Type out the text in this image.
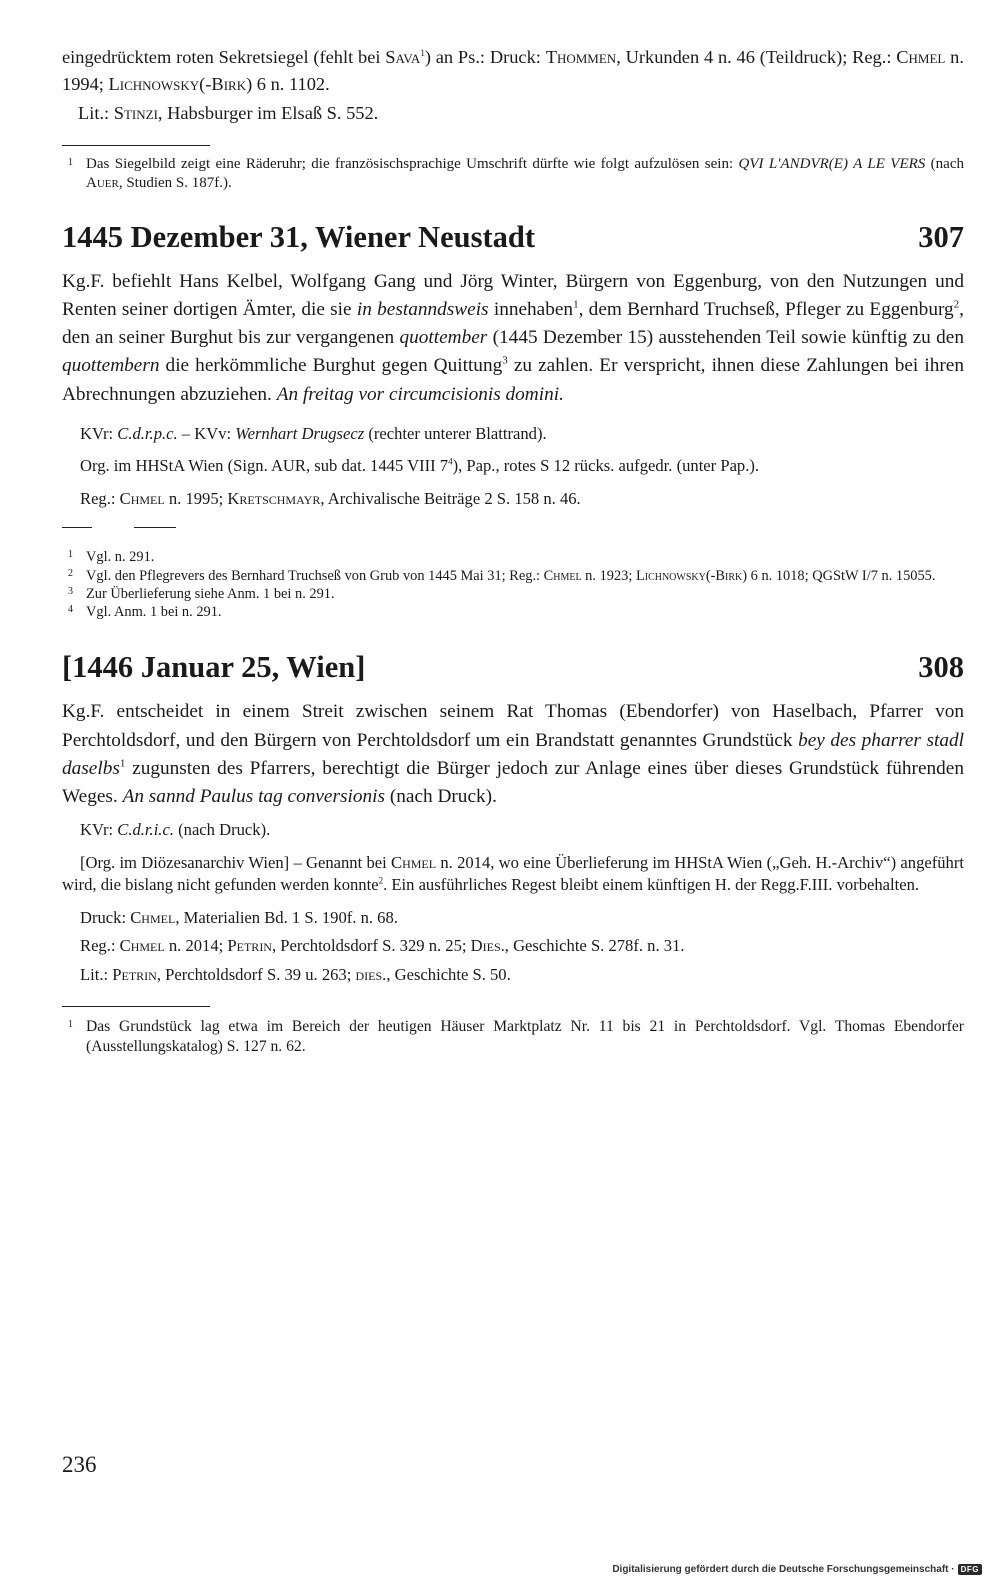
eingedrücktem roten Sekretsiegel (fehlt bei Sava$^1$) an Ps.: Druck: Thommen, Urkunden 4 n. 46 (Teildruck); Reg.: Chmel n. 1994; Lichnowsky(-Birk) 6 n. 1102.

Lit.: Stinzi, Habsburger im Elsaß S. 552.

1 Das Siegelbild zeigt eine Räderuhr; die französischsprachige Umschrift dürfte wie folgt aufzulösen sein: QVI L'ANDVR(E) A LE VERS (nach Auer, Studien S. 187f.).

1445 Dezember 31, Wiener Neustadt	307

Kg.F. befiehlt Hans Kelbel, Wolfgang Gang und Jörg Winter, Bürgern von Eggenburg, von den Nutzungen und Renten seiner dortigen Ämter, die sie in bestanndsweis innehaben$^1$, dem Bernhard Truchseß, Pfleger zu Eggenburg$^2$, den an seiner Burghut bis zur vergangenen quottember (1445 Dezember 15) ausstehenden Teil sowie künftig zu den quottembern die herkömmliche Burghut gegen Quittung$^3$ zu zahlen. Er verspricht, ihnen diese Zahlungen bei ihren Abrechnungen abzuziehen. An freitag vor circumcisionis domini.

KVr: C.d.r.p.c. – KVv: Wernhart Drugsecz (rechter unterer Blattrand).

Org. im HHStA Wien (Sign. AUR, sub dat. 1445 VIII $7^4$), Pap., rotes S 12 rücks. aufgedr. (unter Pap.).

Reg.: Chmel n. 1995; Kretschmayr, Archivalische Beiträge 2 S. 158 n. 46.

1 Vgl. n. 291.

2 Vgl. den Pflegrevers des Bernhard Truchseß von Grub von 1445 Mai 31; Reg.: Chmel n. 1923; Lichnowsky(-Birk) 6 n. 1018; QGStW I/7 n. 15055.

3 Zur Überlieferung siehe Anm. 1 bei n. 291.

4 Vgl. Anm. 1 bei n. 291.

[1446 Januar 25, Wien]	308

Kg.F. entscheidet in einem Streit zwischen seinem Rat Thomas (Ebendorfer) von Haselbach, Pfarrer von Perchtoldsdorf, und den Bürgern von Perchtoldsdorf um ein Brandstatt genanntes Grundstück bey des pharrer stadl daselbs$^1$ zugunsten des Pfarrers, berechtigt die Bürger jedoch zur Anlage eines über dieses Grundstück führenden Weges. An sannd Paulus tag conversionis (nach Druck).

KVr: C.d.r.i.c. (nach Druck).

[Org. im Diözesanarchiv Wien] – Genannt bei Chmel n. 2014, wo eine Überlieferung im HHStA Wien („Geh. H.-Archiv“) angeführt wird, die bislang nicht gefunden werden konnte$^2$. Ein ausführliches Regest bleibt einem künftigen H. der Regg.F.III. vorbehalten.

Druck: Chmel, Materialien Bd. 1 S. 190f. n. 68.

Reg.: Chmel n. 2014; Petrin, Perchtoldsdorf S. 329 n. 25; Dies., Geschichte S. 278f. n. 31.

Lit.: Petrin, Perchtoldsdorf S. 39 u. 263; dies., Geschichte S. 50.

1 Das Grundstück lag etwa im Bereich der heutigen Häuser Marktplatz Nr. 11 bis 21 in Perchtoldsdorf. Vgl. Thomas Ebendorfer (Ausstellungskatalog) S. 127 n. 62.

236
Digitalisierung gefördert durch die Deutsche Forschungsgemeinschaft · DFG
